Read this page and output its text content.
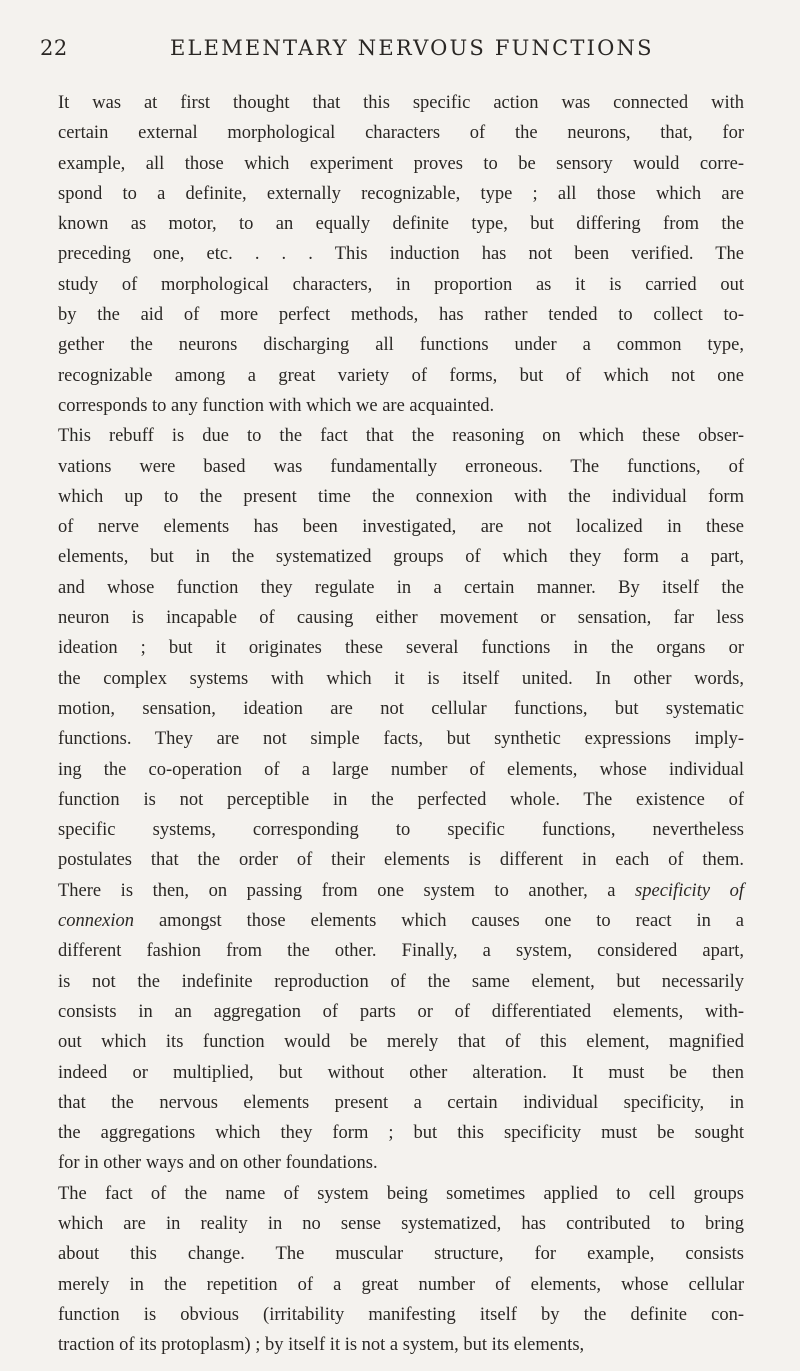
22	ELEMENTARY NERVOUS FUNCTIONS
It was at first thought that this specific action was connected with
certain external morphological characters of the neurons, that, for
example, all those which experiment proves to be sensory would corre-
spond to a definite, externally recognizable, type ; all those which are
known as motor, to an equally definite type, but differing from the
preceding one, etc. . . . This induction has not been verified. The
study of morphological characters, in proportion as it is carried out
by the aid of more perfect methods, has rather tended to collect to-
gether the neurons discharging all functions under a common type,
recognizable among a great variety of forms, but of which not one
corresponds to any function with which we are acquainted.
This rebuff is due to the fact that the reasoning on which these obser-
vations were based was fundamentally erroneous. The functions, of
which up to the present time the connexion with the individual form
of nerve elements has been investigated, are not localized in these
elements, but in the systematized groups of which they form a part,
and whose function they regulate in a certain manner. By itself the
neuron is incapable of causing either movement or sensation, far less
ideation ; but it originates these several functions in the organs or
the complex systems with which it is itself united. In other words,
motion, sensation, ideation are not cellular functions, but systematic
functions. They are not simple facts, but synthetic expressions imply-
ing the co-operation of a large number of elements, whose individual
function is not perceptible in the perfected whole. The existence of
specific systems, corresponding to specific functions, nevertheless
postulates that the order of their elements is different in each of them.
There is then, on passing from one system to another, a specificity of
connexion amongst those elements which causes one to react in a
different fashion from the other. Finally, a system, considered apart,
is not the indefinite reproduction of the same element, but necessarily
consists in an aggregation of parts or of differentiated elements, with-
out which its function would be merely that of this element, magnified
indeed or multiplied, but without other alteration. It must be then
that the nervous elements present a certain individual specificity, in
the aggregations which they form ; but this specificity must be sought
for in other ways and on other foundations.
The fact of the name of system being sometimes applied to cell groups
which are in reality in no sense systematized, has contributed to bring
about this change. The muscular structure, for example, consists
merely in the repetition of a great number of elements, whose cellular
function is obvious (irritability manifesting itself by the definite con-
traction of its protoplasm) ; by itself it is not a system, but its elements,
